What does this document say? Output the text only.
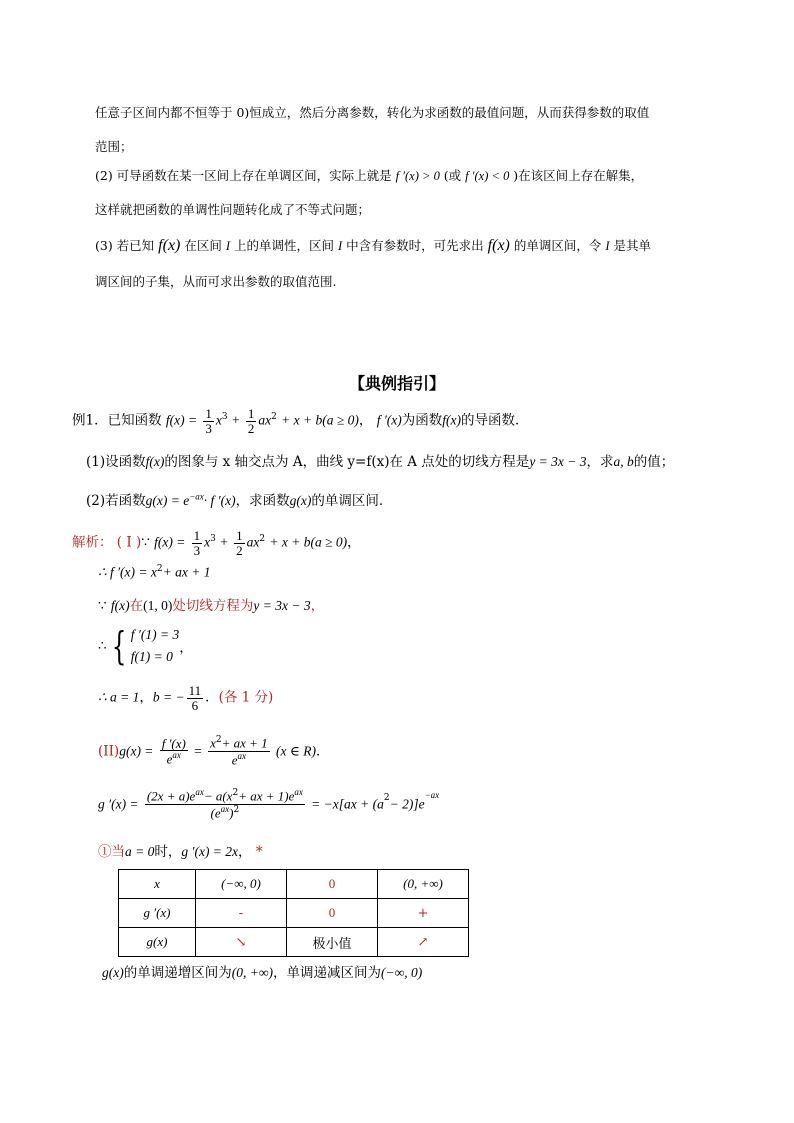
任意子区间内都不恒等于 0)恒成立，然后分离参数，转化为求函数的最值问题，从而获得参数的取值
范围；
(2) 可导函数在某一区间上存在单调区间，实际上就是 f ′(x) > 0 (或 f ′(x) < 0 )在该区间上存在解集，
这样就把函数的单调性问题转化成了不等式问题；
(3) 若已知 f(x) 在区间 I 上的单调性，区间 I 中含有参数时，可先求出 f(x) 的单调区间，令 I 是其单
调区间的子集，从而可求出参数的取值范围.
【典例指引】
例1．已知函数 $f(x) = \frac{1}{3} x^3 + \frac{1}{2} ax^2 + x + b(a \ge 0)$， f ′(x)为函数f(x)的导函数．
(1)设函数f(x)的图象与 x 轴交点为 A，曲线 y=f(x)在 A 点处的切线方程是y = 3x − 3，求a, b的值；
(2)若函数$g(x) = e^{-ax}\cdot f$ ′(x)，求函数g(x)的单调区间．
解析： ( I )∵ $f(x) = \frac{1}{3} x^3 + \frac{1}{2} ax^2 + x + b(a \ge 0)$，
∴ f $'(x) = x^2+$ ax + 1
∵ f(x)在(1, 0)处切线方程为y = 3x − 3，
∴ { f ′(1) = 3
f(1) = 0
，
∴ a = 1，b = − $\frac{11}{6}$ ．(各 1 分)
$(II)g(x) = \frac{f '(x)}{e^{ax}} = \frac{x^2+ ax + 1}{e^{ax}} (x$ ∈ R)．
g $'(x) = \frac{(2x + a)e^{ax}- a(x^2+ ax + 1)e^{ax}}{(e^{ax})^2} = -x[ax + (a^2- 2)]e^{-ax}$
①当a = 0时，g ′(x) = 2x， *
x	(−∞, 0)	0	(0, +∞)
g ′(x)	-	0	+
g(x)	↘	极小值	↗
g(x)的单调递增区间为(0, +∞)，单调递减区间为(−∞, 0)
